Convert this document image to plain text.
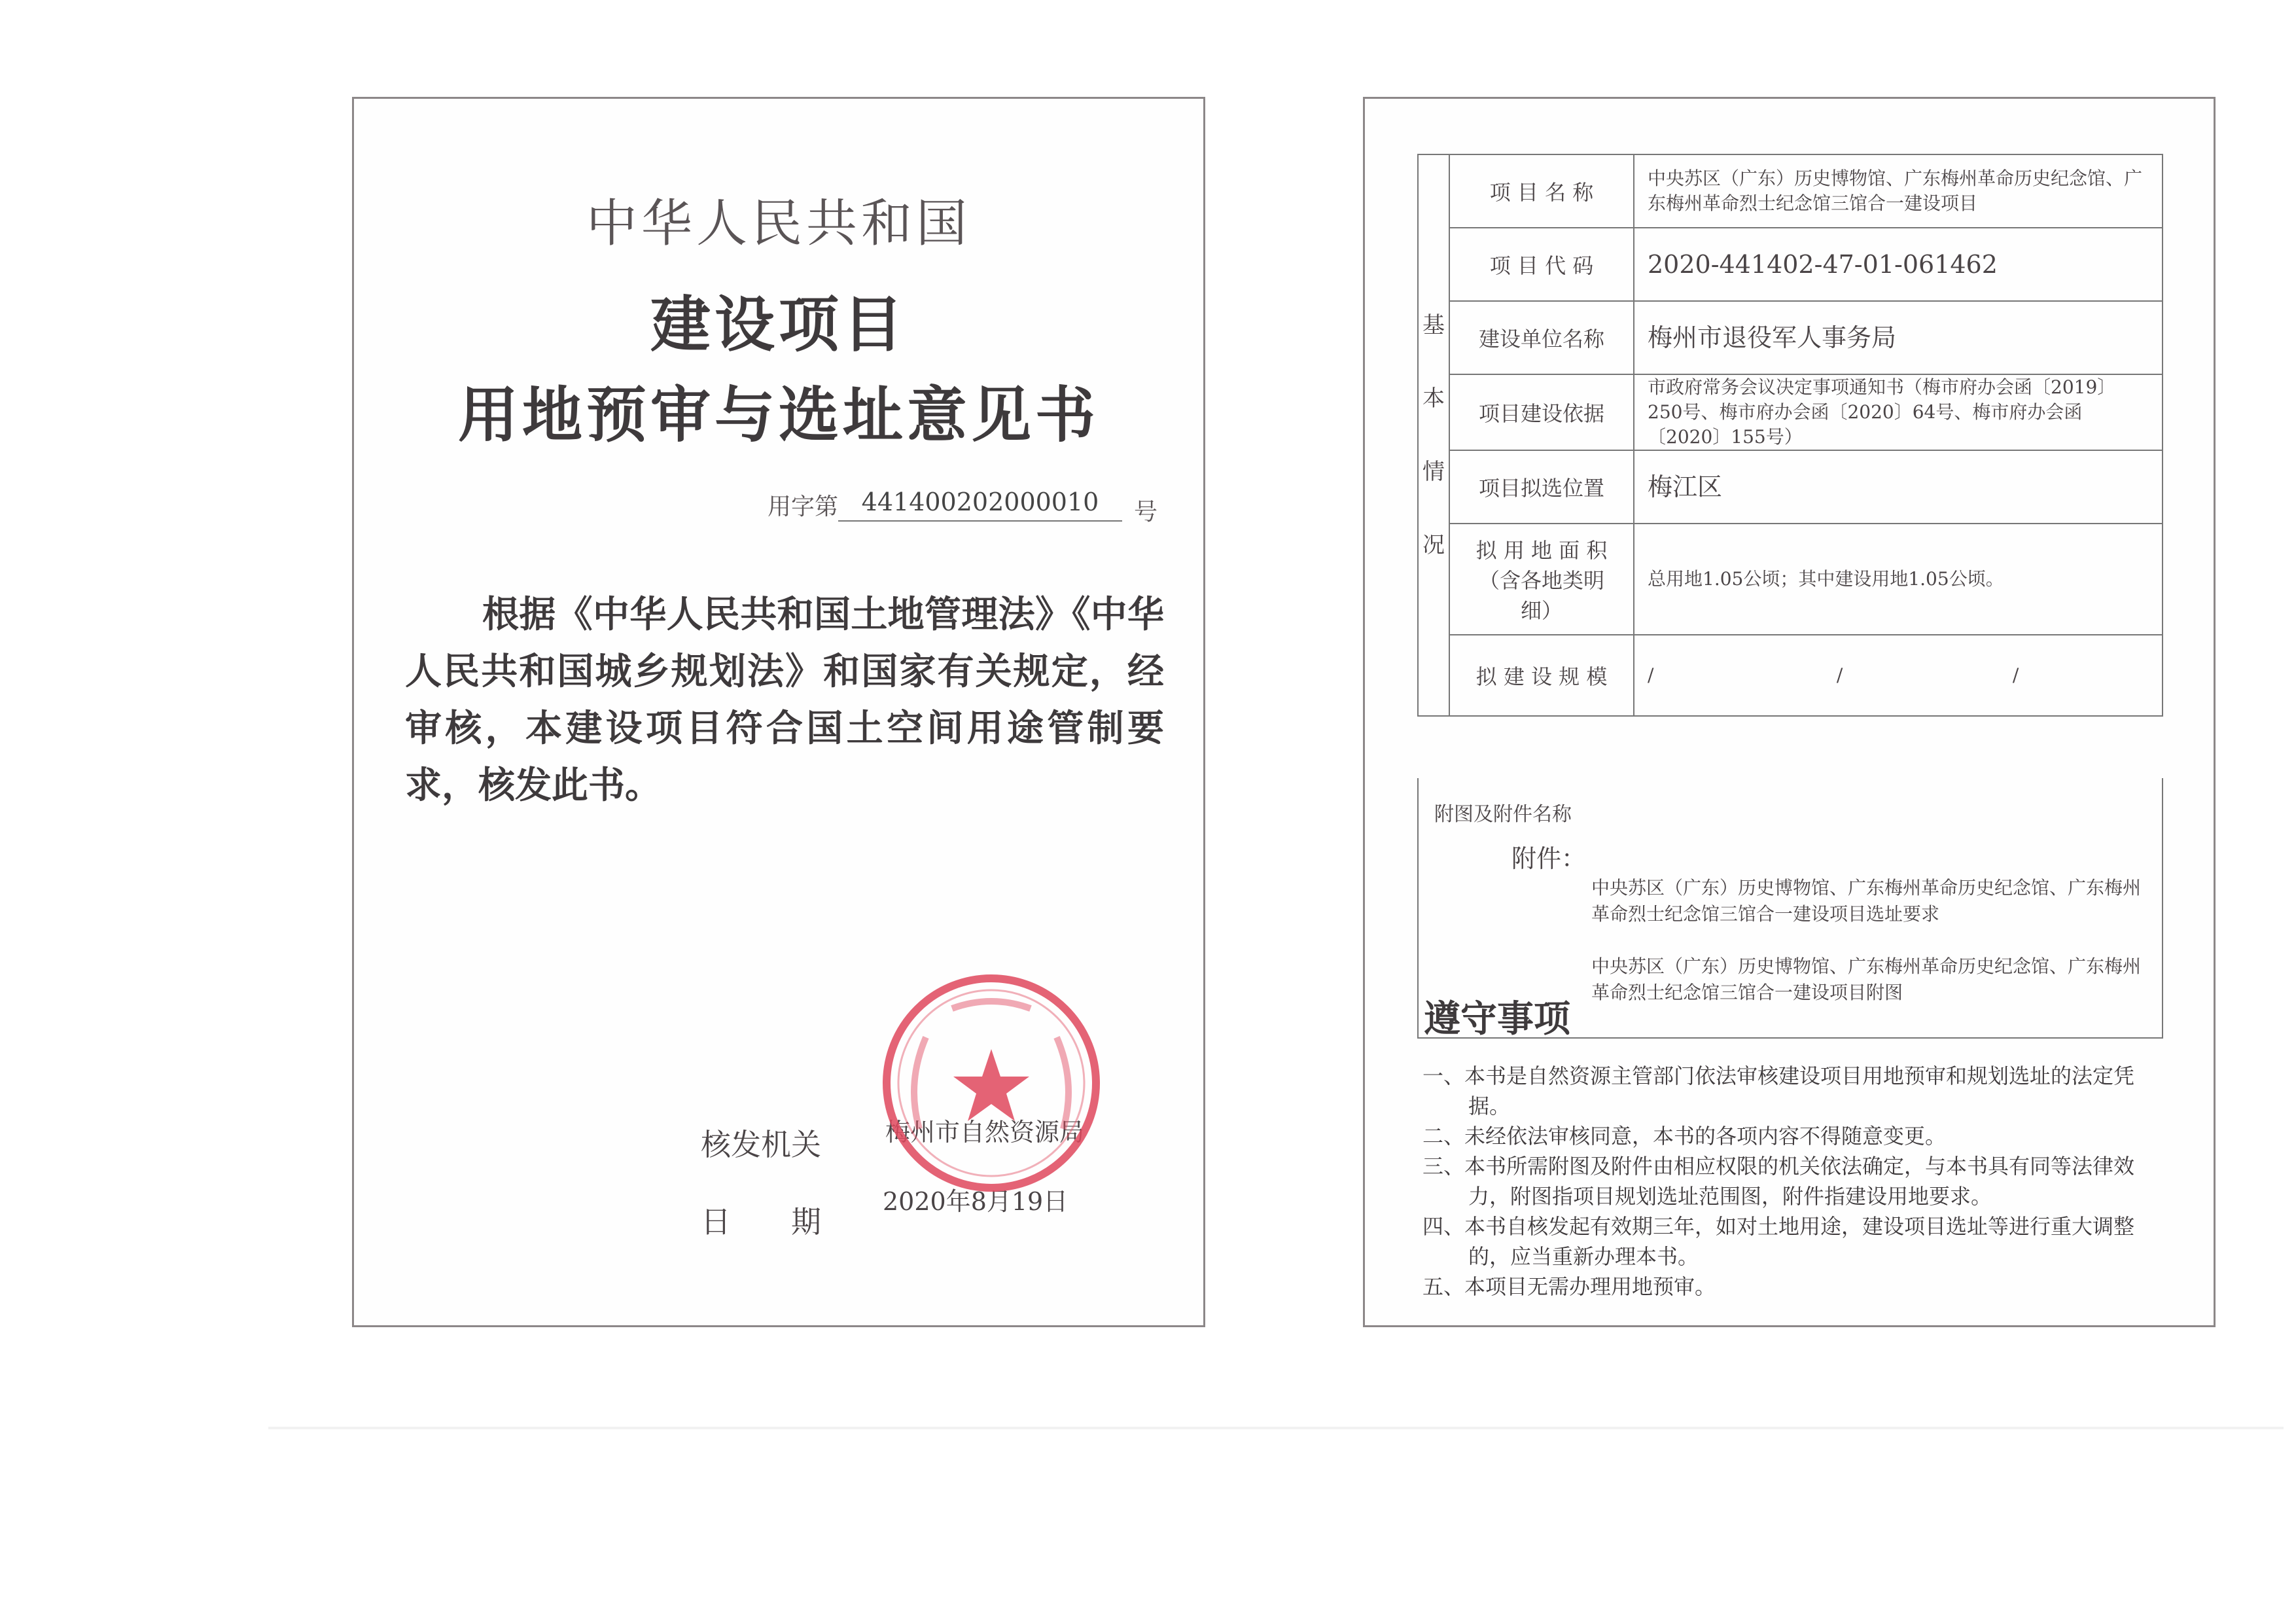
中华人民共和国
建设项目
用地预审与选址意见书
用字第 441400202000010	号
根据《中华人民共和国土地管理法》《中华人民共和国城乡规划法》和国家有关规定，经审核，本建设项目符合国土空间用途管制要求，核发此书。
核发机关	梅州市自然资源局
日　　期
2020年8月19日
基
本
情
况	项 目 名 称	中央苏区（广东）历史博物馆、广东梅州革命历史纪念馆、广东梅州革命烈士纪念馆三馆合一建设项目
	项 目 代 码	2020-441402-47-01-061462
	建设单位名称	梅州市退役军人事务局
	项目建设依据	市政府常务会议决定事项通知书（梅市府办会函〔2019〕250号、梅市府办会函〔2020〕64号、梅市府办会函〔2020〕155号）
	项目拟选位置	梅江区

	拟 用 地 面 积
（含各地类明细）	总用地1.05公顷；其中建设用地1.05公顷。
	拟 建 设 规 模	/ / /
附图及附件名称
附件：
中央苏区（广东）历史博物馆、广东梅州革命历史纪念馆、广东梅州革命烈士纪念馆三馆合一建设项目选址要求
中央苏区（广东）历史博物馆、广东梅州革命历史纪念馆、广东梅州革命烈士纪念馆三馆合一建设项目附图
遵守事项

一、本书是自然资源主管部门依法审核建设项目用地预审和规划选址的法定凭据。

二、未经依法审核同意，本书的各项内容不得随意变更。

三、本书所需附图及附件由相应权限的机关依法确定，与本书具有同等法律效力，附图指项目规划选址范围图，附件指建设用地要求。

四、本书自核发起有效期三年，如对土地用途，建设项目选址等进行重大调整的，应当重新办理本书。

五、本项目无需办理用地预审。
